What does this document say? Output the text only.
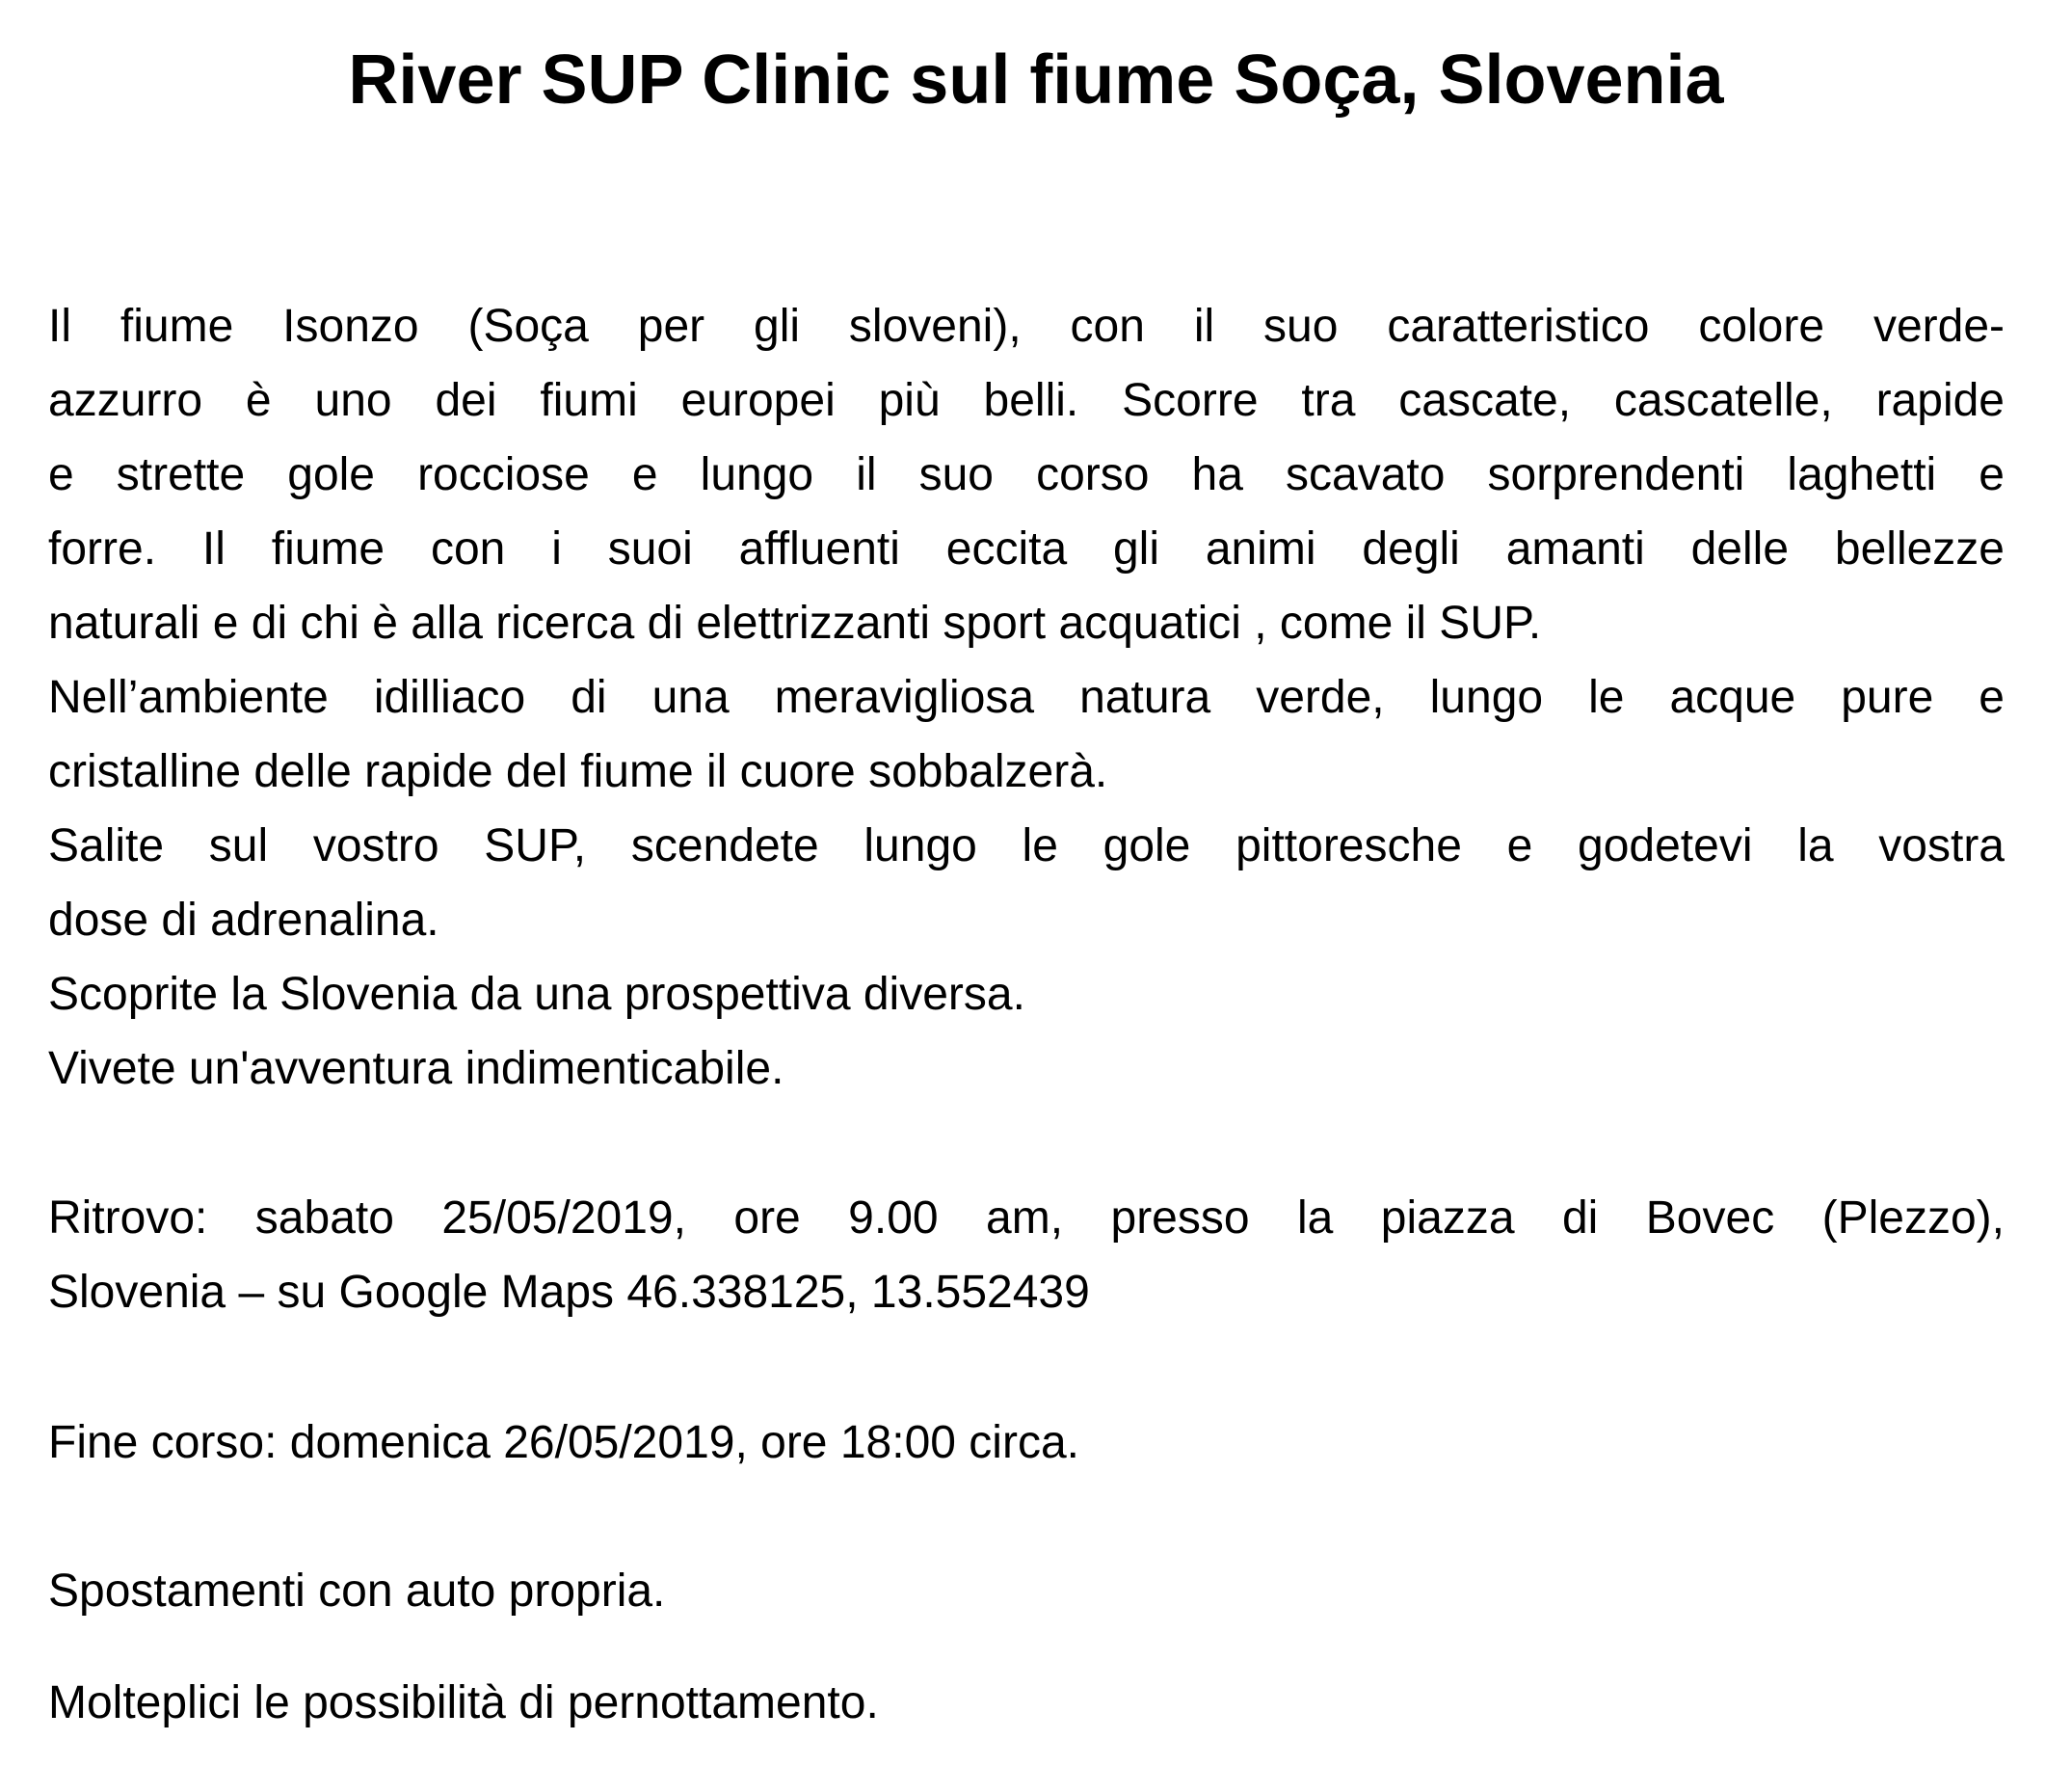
River SUP Clinic sul fiume Soça, Slovenia
Il fiume Isonzo (Soça per gli sloveni), con il suo caratteristico colore verde-
azzurro è uno dei fiumi europei più belli. Scorre tra cascate, cascatelle, rapide
e strette gole rocciose e lungo il suo corso ha scavato sorprendenti laghetti e
forre. Il fiume con i suoi affluenti eccita gli animi degli amanti delle bellezze
naturali e di chi è alla ricerca di elettrizzanti sport acquatici , come il SUP.
Nell’ambiente idilliaco di una meravigliosa natura verde, lungo le acque pure e
cristalline delle rapide del fiume il cuore sobbalzerà.
Salite sul vostro SUP, scendete lungo le gole pittoresche e godetevi la vostra
dose di adrenalina.
Scoprite la Slovenia da una prospettiva diversa.
Vivete un'avventura indimenticabile.
Ritrovo: sabato 25/05/2019, ore 9.00 am, presso la piazza di Bovec (Plezzo),
Slovenia – su Google Maps 46.338125, 13.552439
Fine corso: domenica 26/05/2019, ore 18:00 circa.
Spostamenti con auto propria.
Molteplici le possibilità di pernottamento.
